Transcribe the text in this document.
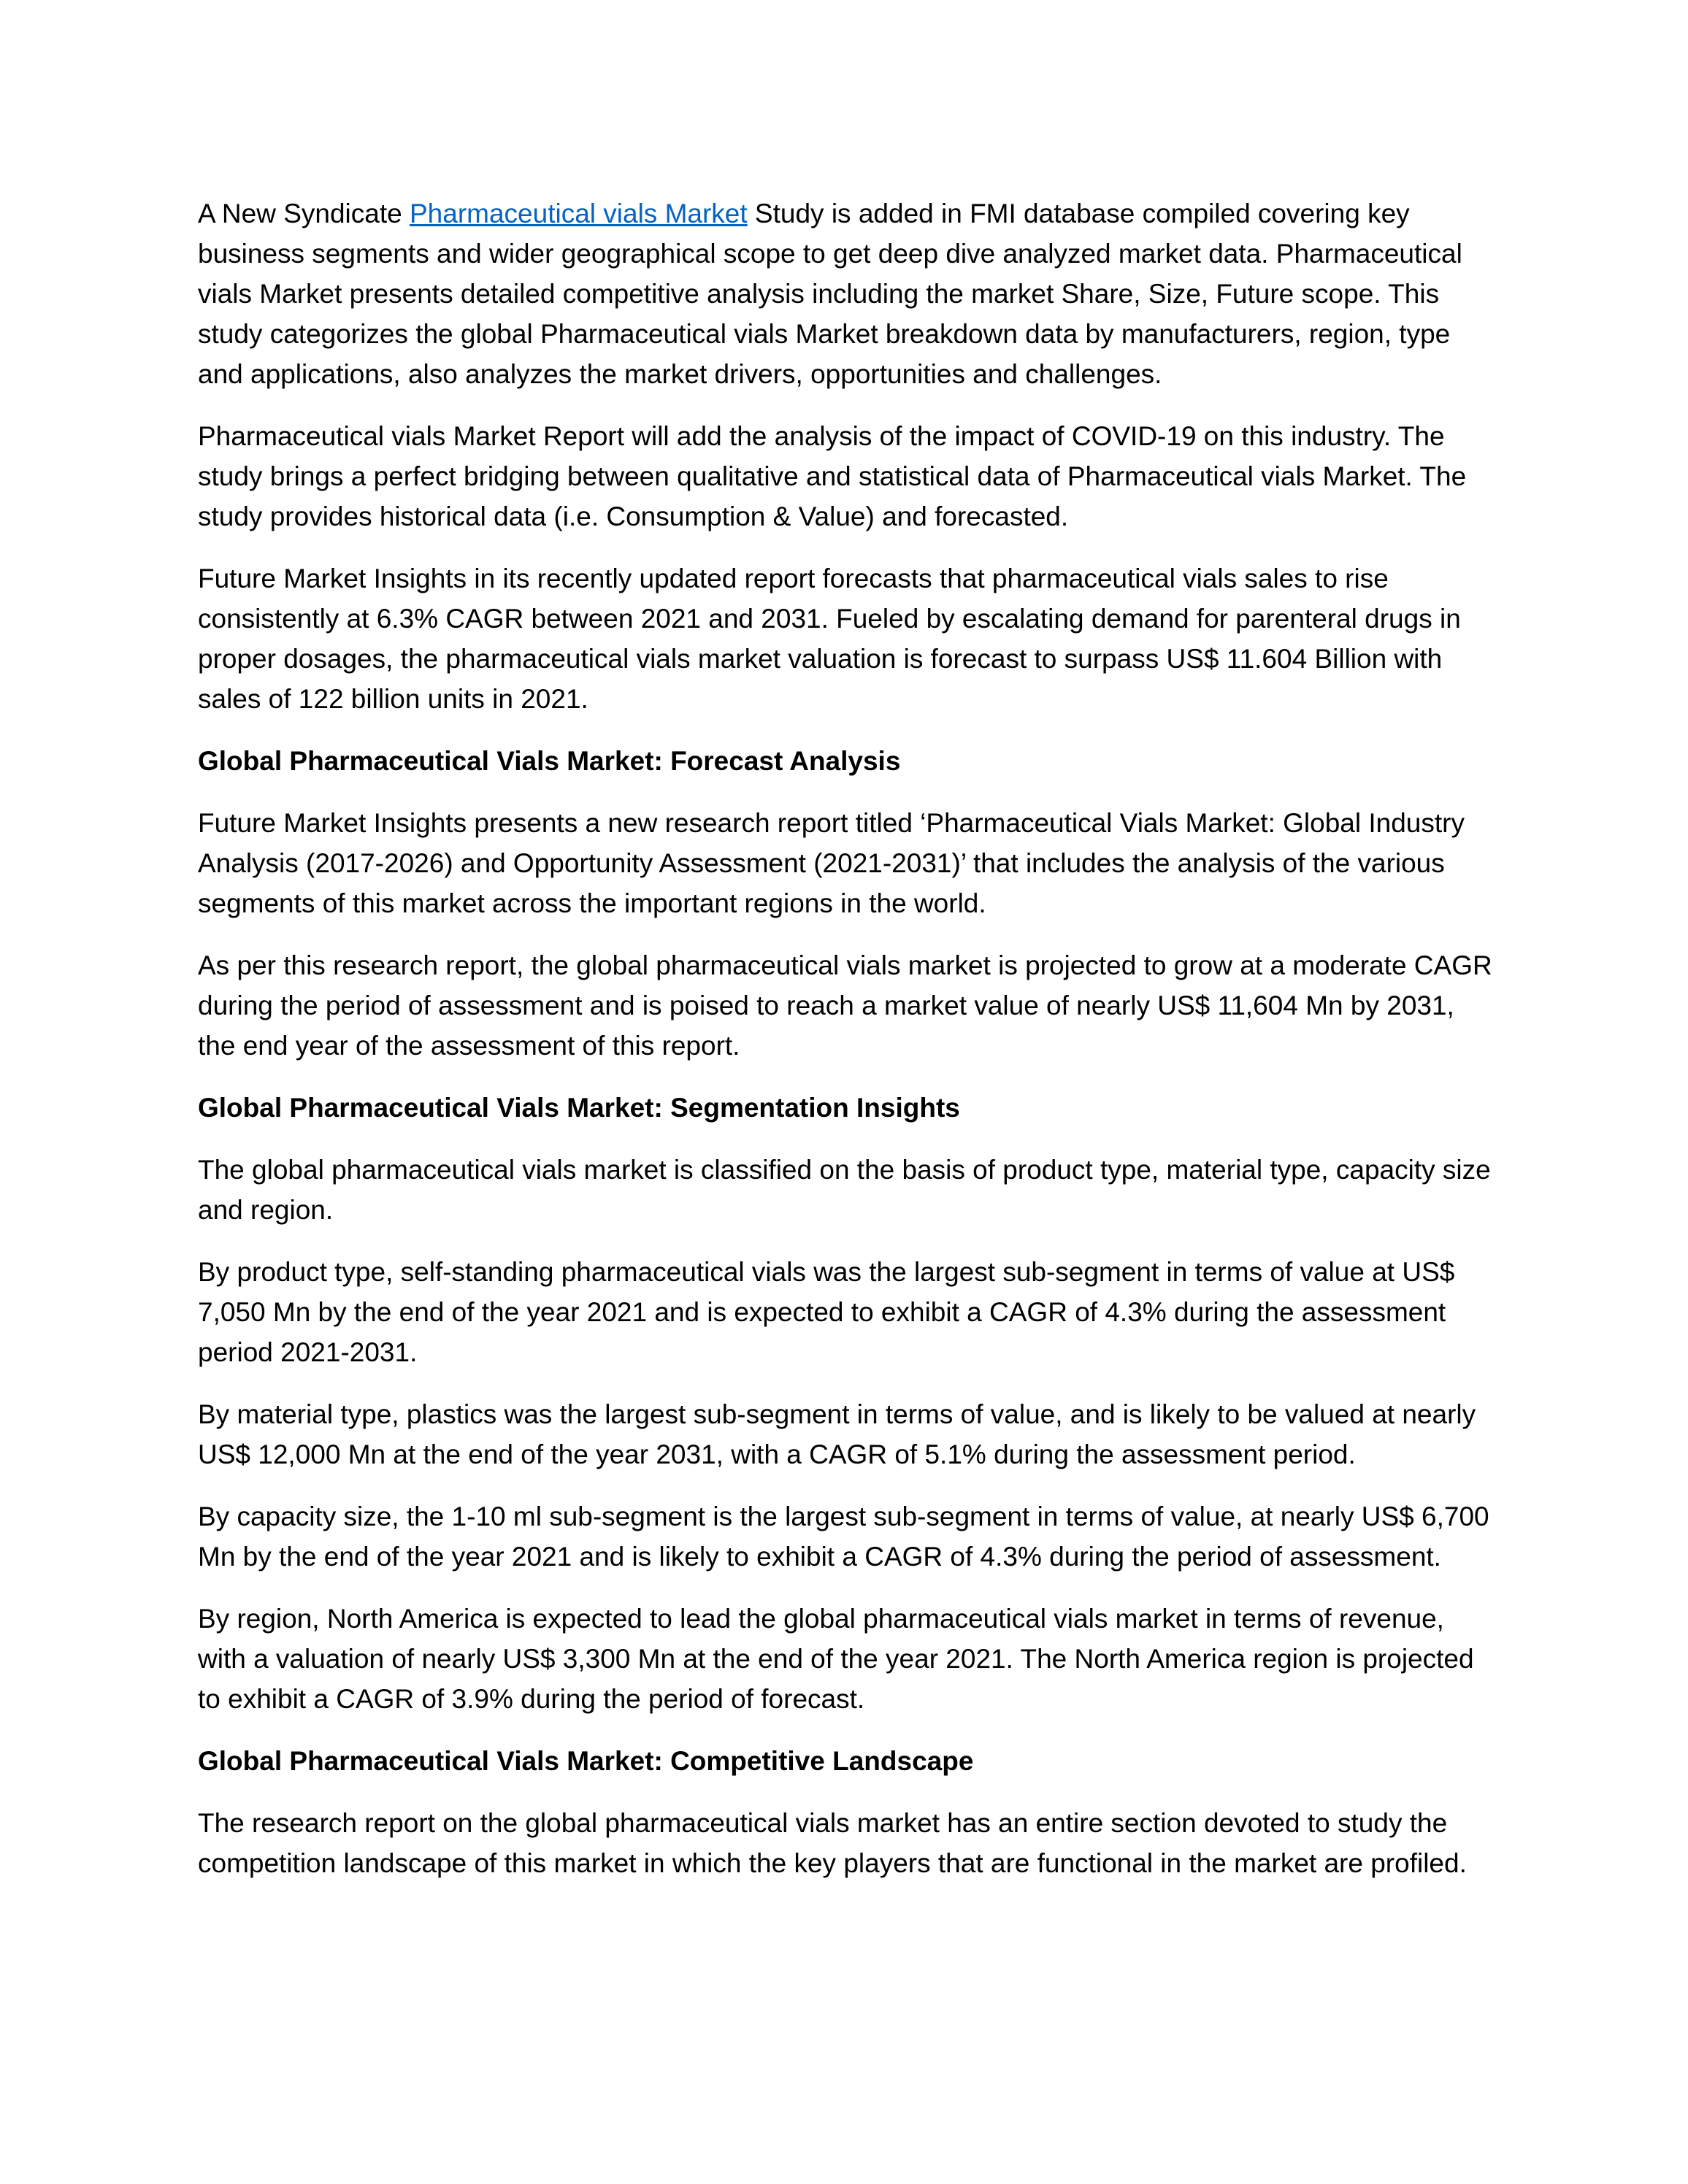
A New Syndicate Pharmaceutical vials Market Study is added in FMI database compiled covering key business segments and wider geographical scope to get deep dive analyzed market data. Pharmaceutical vials Market presents detailed competitive analysis including the market Share, Size, Future scope. This study categorizes the global Pharmaceutical vials Market breakdown data by manufacturers, region, type and applications, also analyzes the market drivers, opportunities and challenges.

Pharmaceutical vials Market Report will add the analysis of the impact of COVID-19 on this industry. The study brings a perfect bridging between qualitative and statistical data of Pharmaceutical vials Market. The study provides historical data (i.e. Consumption & Value) and forecasted.

Future Market Insights in its recently updated report forecasts that pharmaceutical vials sales to rise consistently at 6.3% CAGR between 2021 and 2031. Fueled by escalating demand for parenteral drugs in proper dosages, the pharmaceutical vials market valuation is forecast to surpass US$ 11.604 Billion with sales of 122 billion units in 2021.

Global Pharmaceutical Vials Market: Forecast Analysis

Future Market Insights presents a new research report titled ‘Pharmaceutical Vials Market: Global Industry Analysis (2017-2026) and Opportunity Assessment (2021-2031)’ that includes the analysis of the various segments of this market across the important regions in the world.

As per this research report, the global pharmaceutical vials market is projected to grow at a moderate CAGR during the period of assessment and is poised to reach a market value of nearly US$ 11,604 Mn by 2031, the end year of the assessment of this report.

Global Pharmaceutical Vials Market: Segmentation Insights

The global pharmaceutical vials market is classified on the basis of product type, material type, capacity size and region.

By product type, self-standing pharmaceutical vials was the largest sub-segment in terms of value at US$ 7,050 Mn by the end of the year 2021 and is expected to exhibit a CAGR of 4.3% during the assessment period 2021-2031.

By material type, plastics was the largest sub-segment in terms of value, and is likely to be valued at nearly US$ 12,000 Mn at the end of the year 2031, with a CAGR of 5.1% during the assessment period.

By capacity size, the 1-10 ml sub-segment is the largest sub-segment in terms of value, at nearly US$ 6,700 Mn by the end of the year 2021 and is likely to exhibit a CAGR of 4.3% during the period of assessment.

By region, North America is expected to lead the global pharmaceutical vials market in terms of revenue, with a valuation of nearly US$ 3,300 Mn at the end of the year 2021. The North America region is projected to exhibit a CAGR of 3.9% during the period of forecast.

Global Pharmaceutical Vials Market: Competitive Landscape

The research report on the global pharmaceutical vials market has an entire section devoted to study the competition landscape of this market in which the key players that are functional in the market are profiled.
